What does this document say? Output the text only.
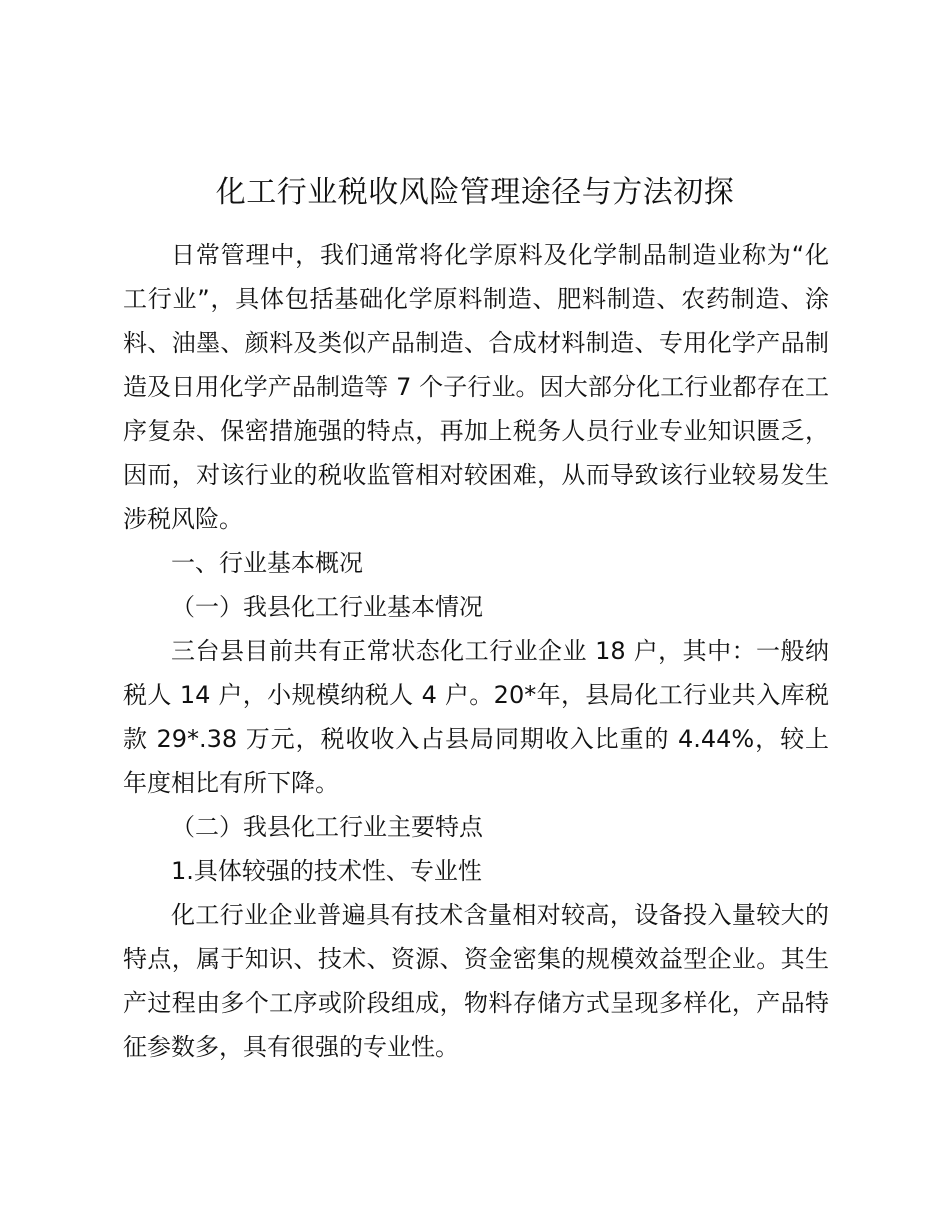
化工行业税收风险管理途径与方法初探

日常管理中，我们通常将化学原料及化学制品制造业称为“化工行业”，具体包括基础化学原料制造、肥料制造、农药制造、涂料、油墨、颜料及类似产品制造、合成材料制造、专用化学产品制造及日用化学产品制造等 7 个子行业。因大部分化工行业都存在工序复杂、保密措施强的特点，再加上税务人员行业专业知识匮乏，因而，对该行业的税收监管相对较困难，从而导致该行业较易发生涉税风险。

一、行业基本概况

（一）我县化工行业基本情况

三台县目前共有正常状态化工行业企业 18 户，其中：一般纳税人 14 户，小规模纳税人 4 户。20*年，县局化工行业共入库税款 29*.38 万元，税收收入占县局同期收入比重的 4.44%，较上年度相比有所下降。

（二）我县化工行业主要特点

1.具体较强的技术性、专业性

化工行业企业普遍具有技术含量相对较高，设备投入量较大的特点，属于知识、技术、资源、资金密集的规模效益型企业。其生产过程由多个工序或阶段组成，物料存储方式呈现多样化，产品特征参数多，具有很强的专业性。
